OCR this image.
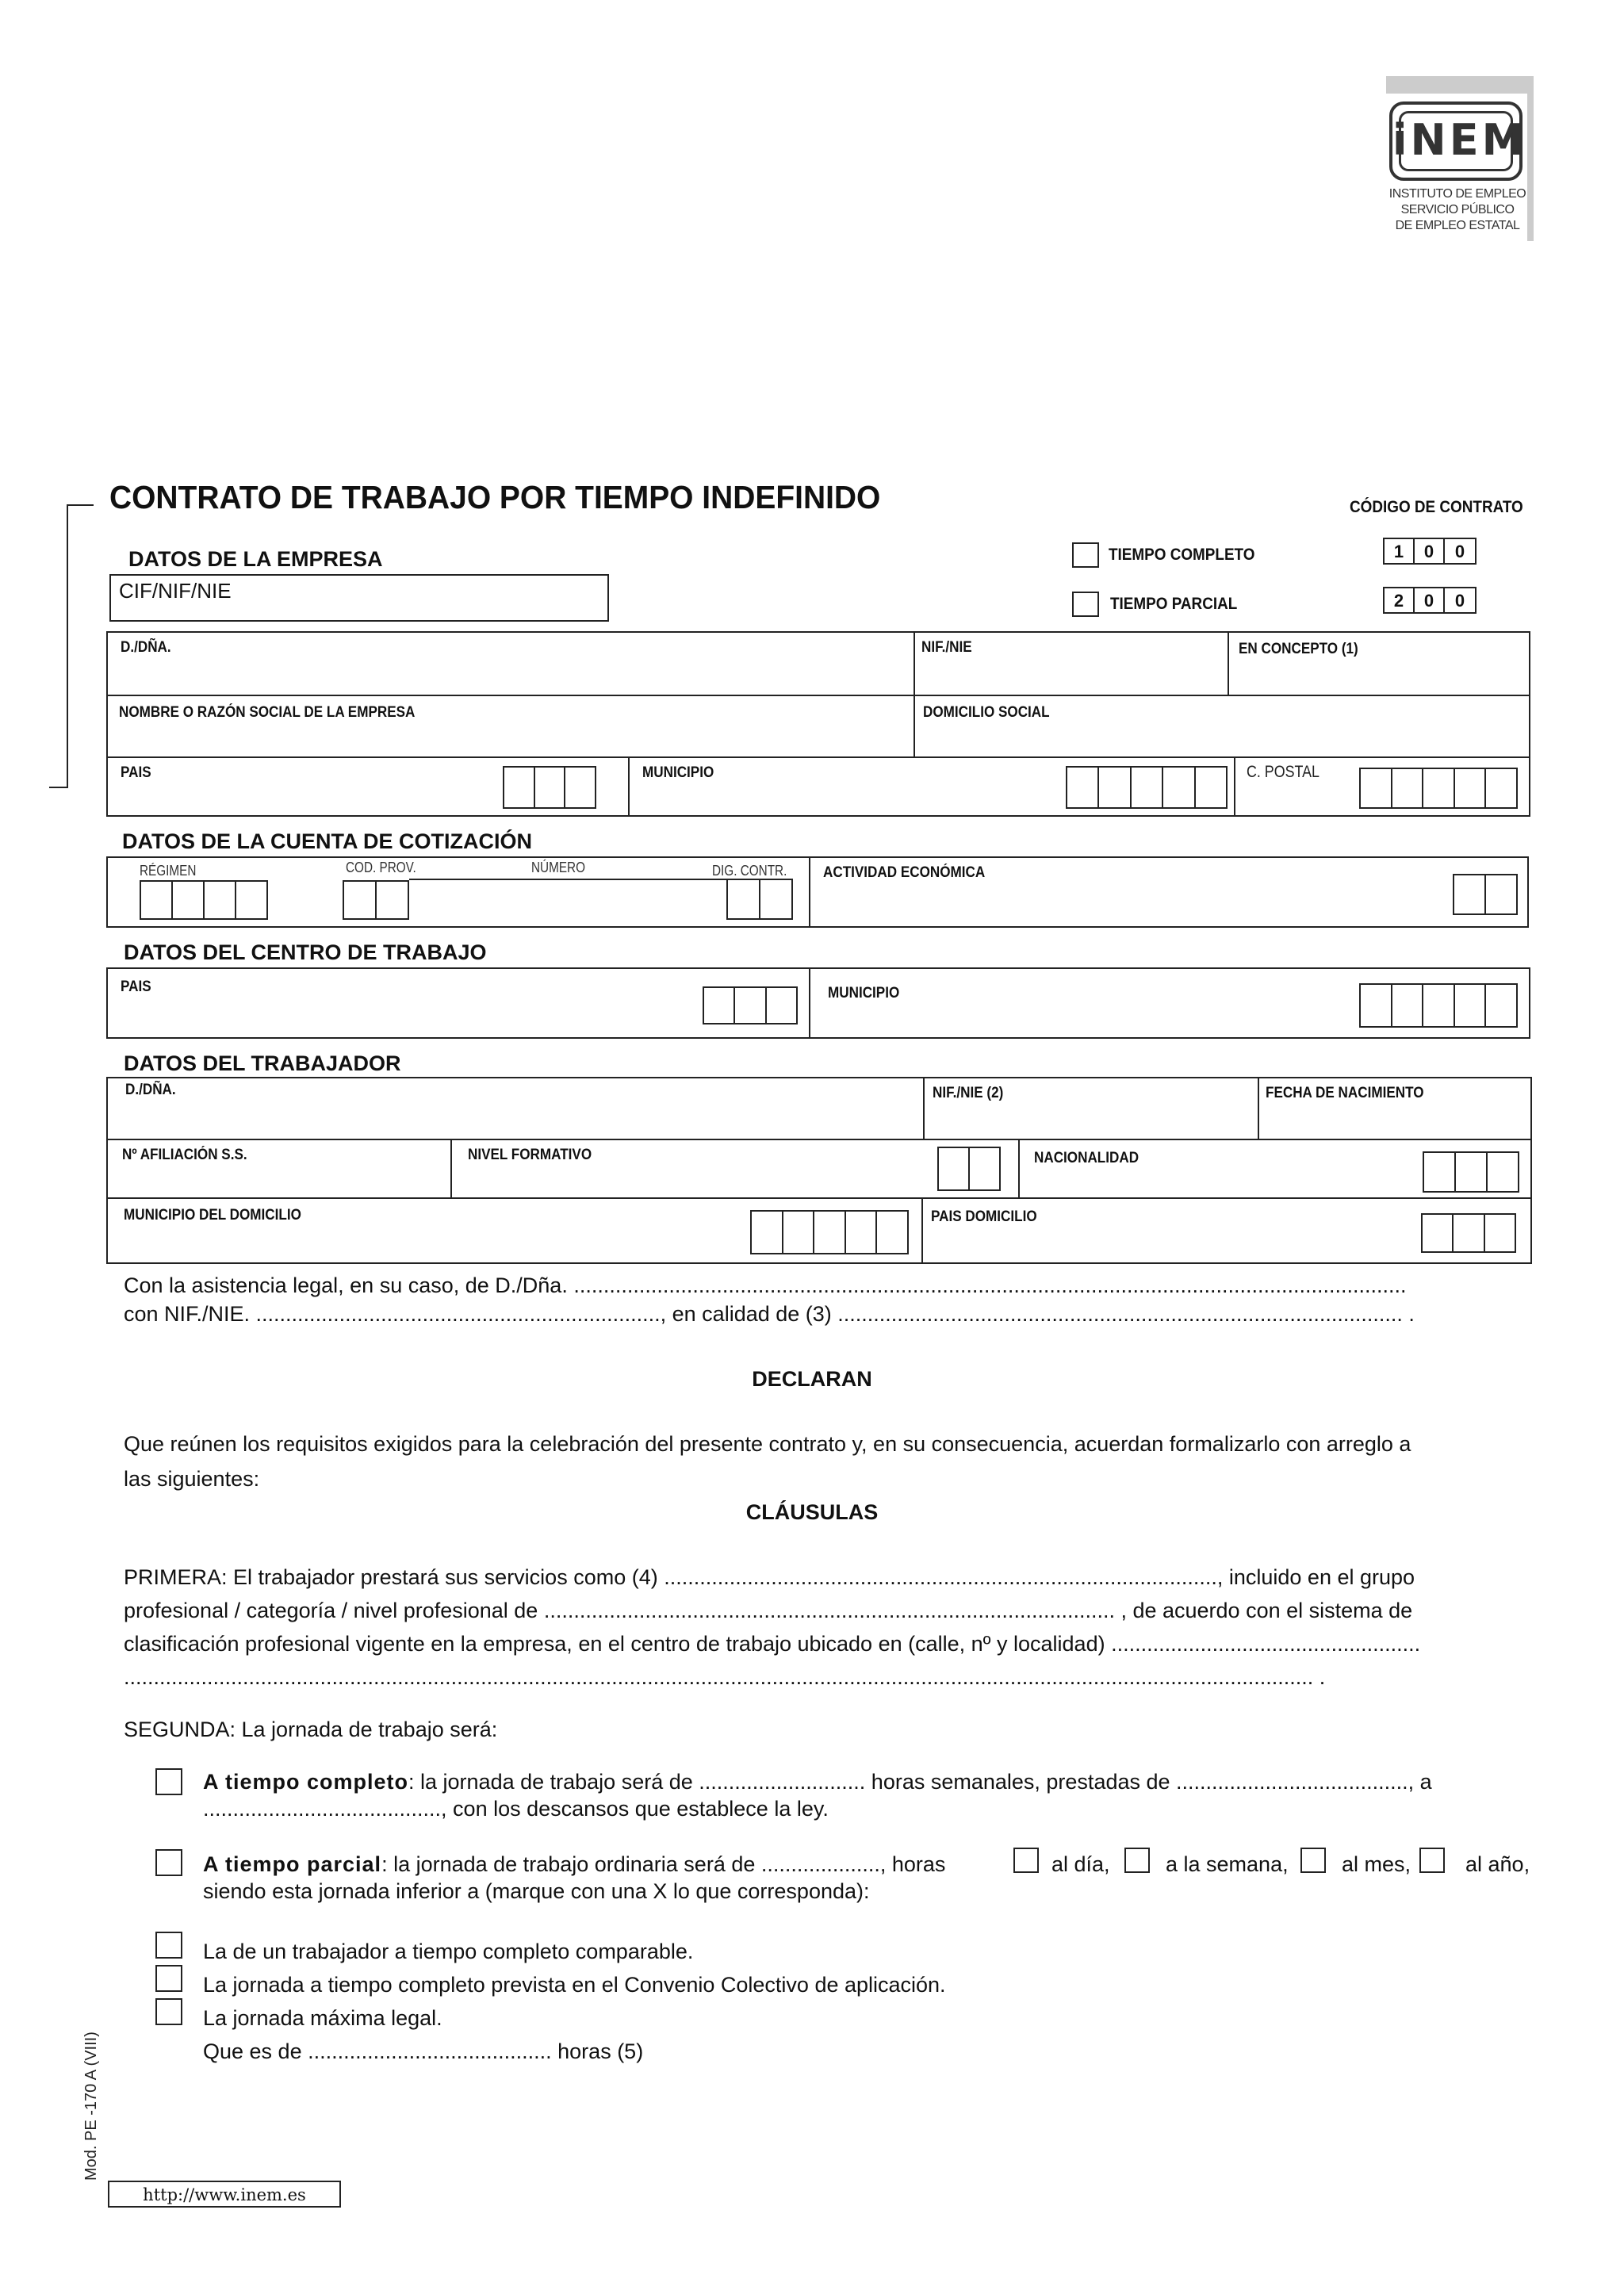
iNEM
INSTITUTO DE EMPLEO
SERVICIO PÚBLICO
DE EMPLEO ESTATAL
CONTRATO DE TRABAJO POR TIEMPO INDEFINIDO	CÓDIGO DE CONTRATO
TIEMPO COMPLETO
TIEMPO PARCIAL
1	0	0
2	0	0
DATOS DE LA EMPRESA
CIF/NIF/NIE
D./DÑA.	NIF./NIE	EN CONCEPTO (1)
NOMBRE O RAZÓN SOCIAL DE LA EMPRESA	DOMICILIO SOCIAL
PAIS	MUNICIPIO	C. POSTAL
DATOS DE LA CUENTA DE COTIZACIÓN
RÉGIMEN	COD. PROV.	NÚMERO	DIG. CONTR. ACTIVIDAD ECONÓMICA
DATOS DEL CENTRO DE TRABAJO
PAIS	MUNICIPIO
DATOS DEL TRABAJADOR
D./DÑA.	NIF./NIE (2)	FECHA DE NACIMIENTO
Nº AFILIACIÓN S.S.	NIVEL FORMATIVO	NACIONALIDAD
MUNICIPIO DEL DOMICILIO	PAIS DOMICILIO
Con la asistencia legal, en su caso, de D./Dña. ............................................................................................................................................
con NIF./NIE. ...................................................................., en calidad de (3) ............................................................................................... .
DECLARAN
Que reúnen los requisitos exigidos para la celebración del presente contrato y, en su consecuencia, acuerdan formalizarlo con arreglo a
las siguientes:
CLÁUSULAS
PRIMERA: El trabajador prestará sus servicios como (4) ............................................................................................., incluido en el grupo
profesional / categoría / nivel profesional de ................................................................................................ , de acuerdo con el sistema de
clasificación profesional vigente en la empresa, en el centro de trabajo ubicado en (calle, nº y localidad) ....................................................
........................................................................................................................................................................................................ .
SEGUNDA: La jornada de trabajo será:
A tiempo completo: la jornada de trabajo será de ............................ horas semanales, prestadas de ......................................., a
........................................, con los descansos que establece la ley.
A tiempo parcial: la jornada de trabajo ordinaria será de ...................., horas	al día,	a la semana, al mes,	al año,
siendo esta jornada inferior a (marque con una X lo que corresponda):
La de un trabajador a tiempo completo comparable.
La jornada a tiempo completo prevista en el Convenio Colectivo de aplicación.
La jornada máxima legal.
Que es de ......................................... horas (5)
Mod. PE -170 A (VIII)
http://www.inem.es
